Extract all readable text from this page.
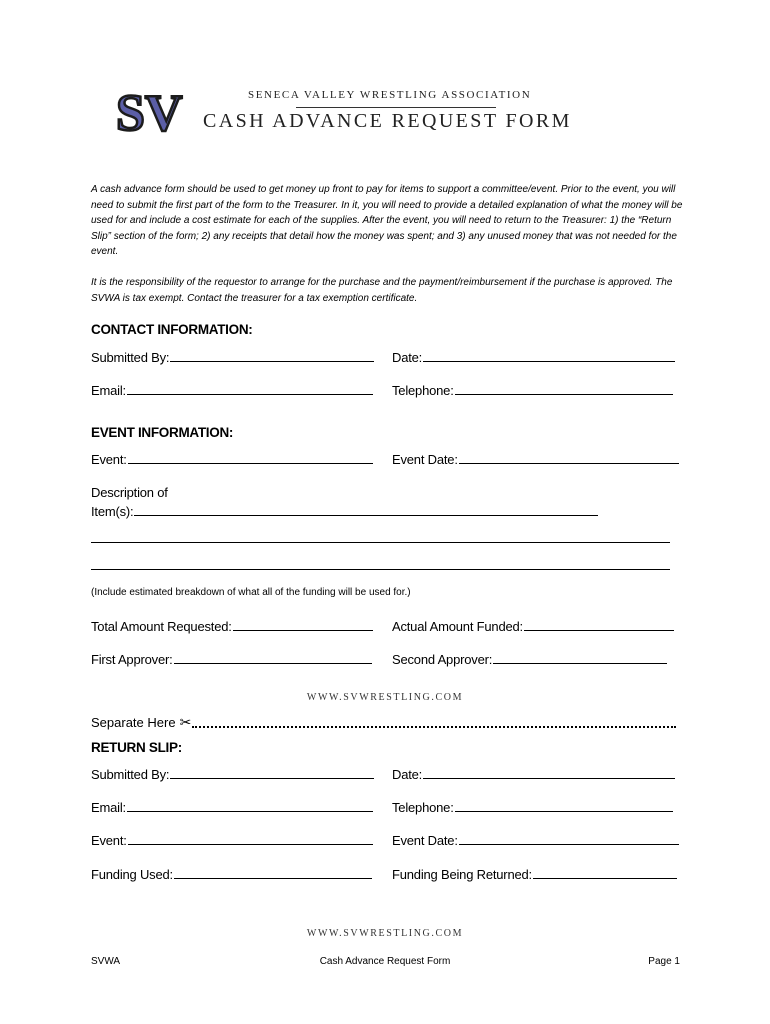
SV	SENECA VALLEY WRESTLING ASSOCIATION
CASH ADVANCE REQUEST FORM

A cash advance form should be used to get money up front to pay for items to support a committee/event. Prior to the event, you will need to submit the first part of the form to the Treasurer. In it, you will need to provide a detailed explanation of what the money will be used for and include a cost estimate for each of the supplies. After the event, you will need to return to the Treasurer: 1) the “Return Slip” section of the form; 2) any receipts that detail how the money was spent; and 3) any unused money that was not needed for the event.

It is the responsibility of the requestor to arrange for the purchase and the payment/reimbursement if the purchase is approved. The SVWA is tax exempt. Contact the treasurer for a tax exemption certificate.

CONTACT INFORMATION:
Submitted By:	Date:
Email:	Telephone:
EVENT INFORMATION:
Event:	Event Date:
Description of
Item(s):
(Include estimated breakdown of what all of the funding will be used for.)
Total Amount Requested:	Actual Amount Funded:
First Approver:	Second Approver:
WWW.SVWRESTLING.COM
Separate Here ✂
RETURN SLIP:
Submitted By:	Date:
Email:	Telephone:
Event:	Event Date:
Funding Used:	Funding Being Returned:
WWW.SVWRESTLING.COM
SVWA	Cash Advance Request Form	Page 1
